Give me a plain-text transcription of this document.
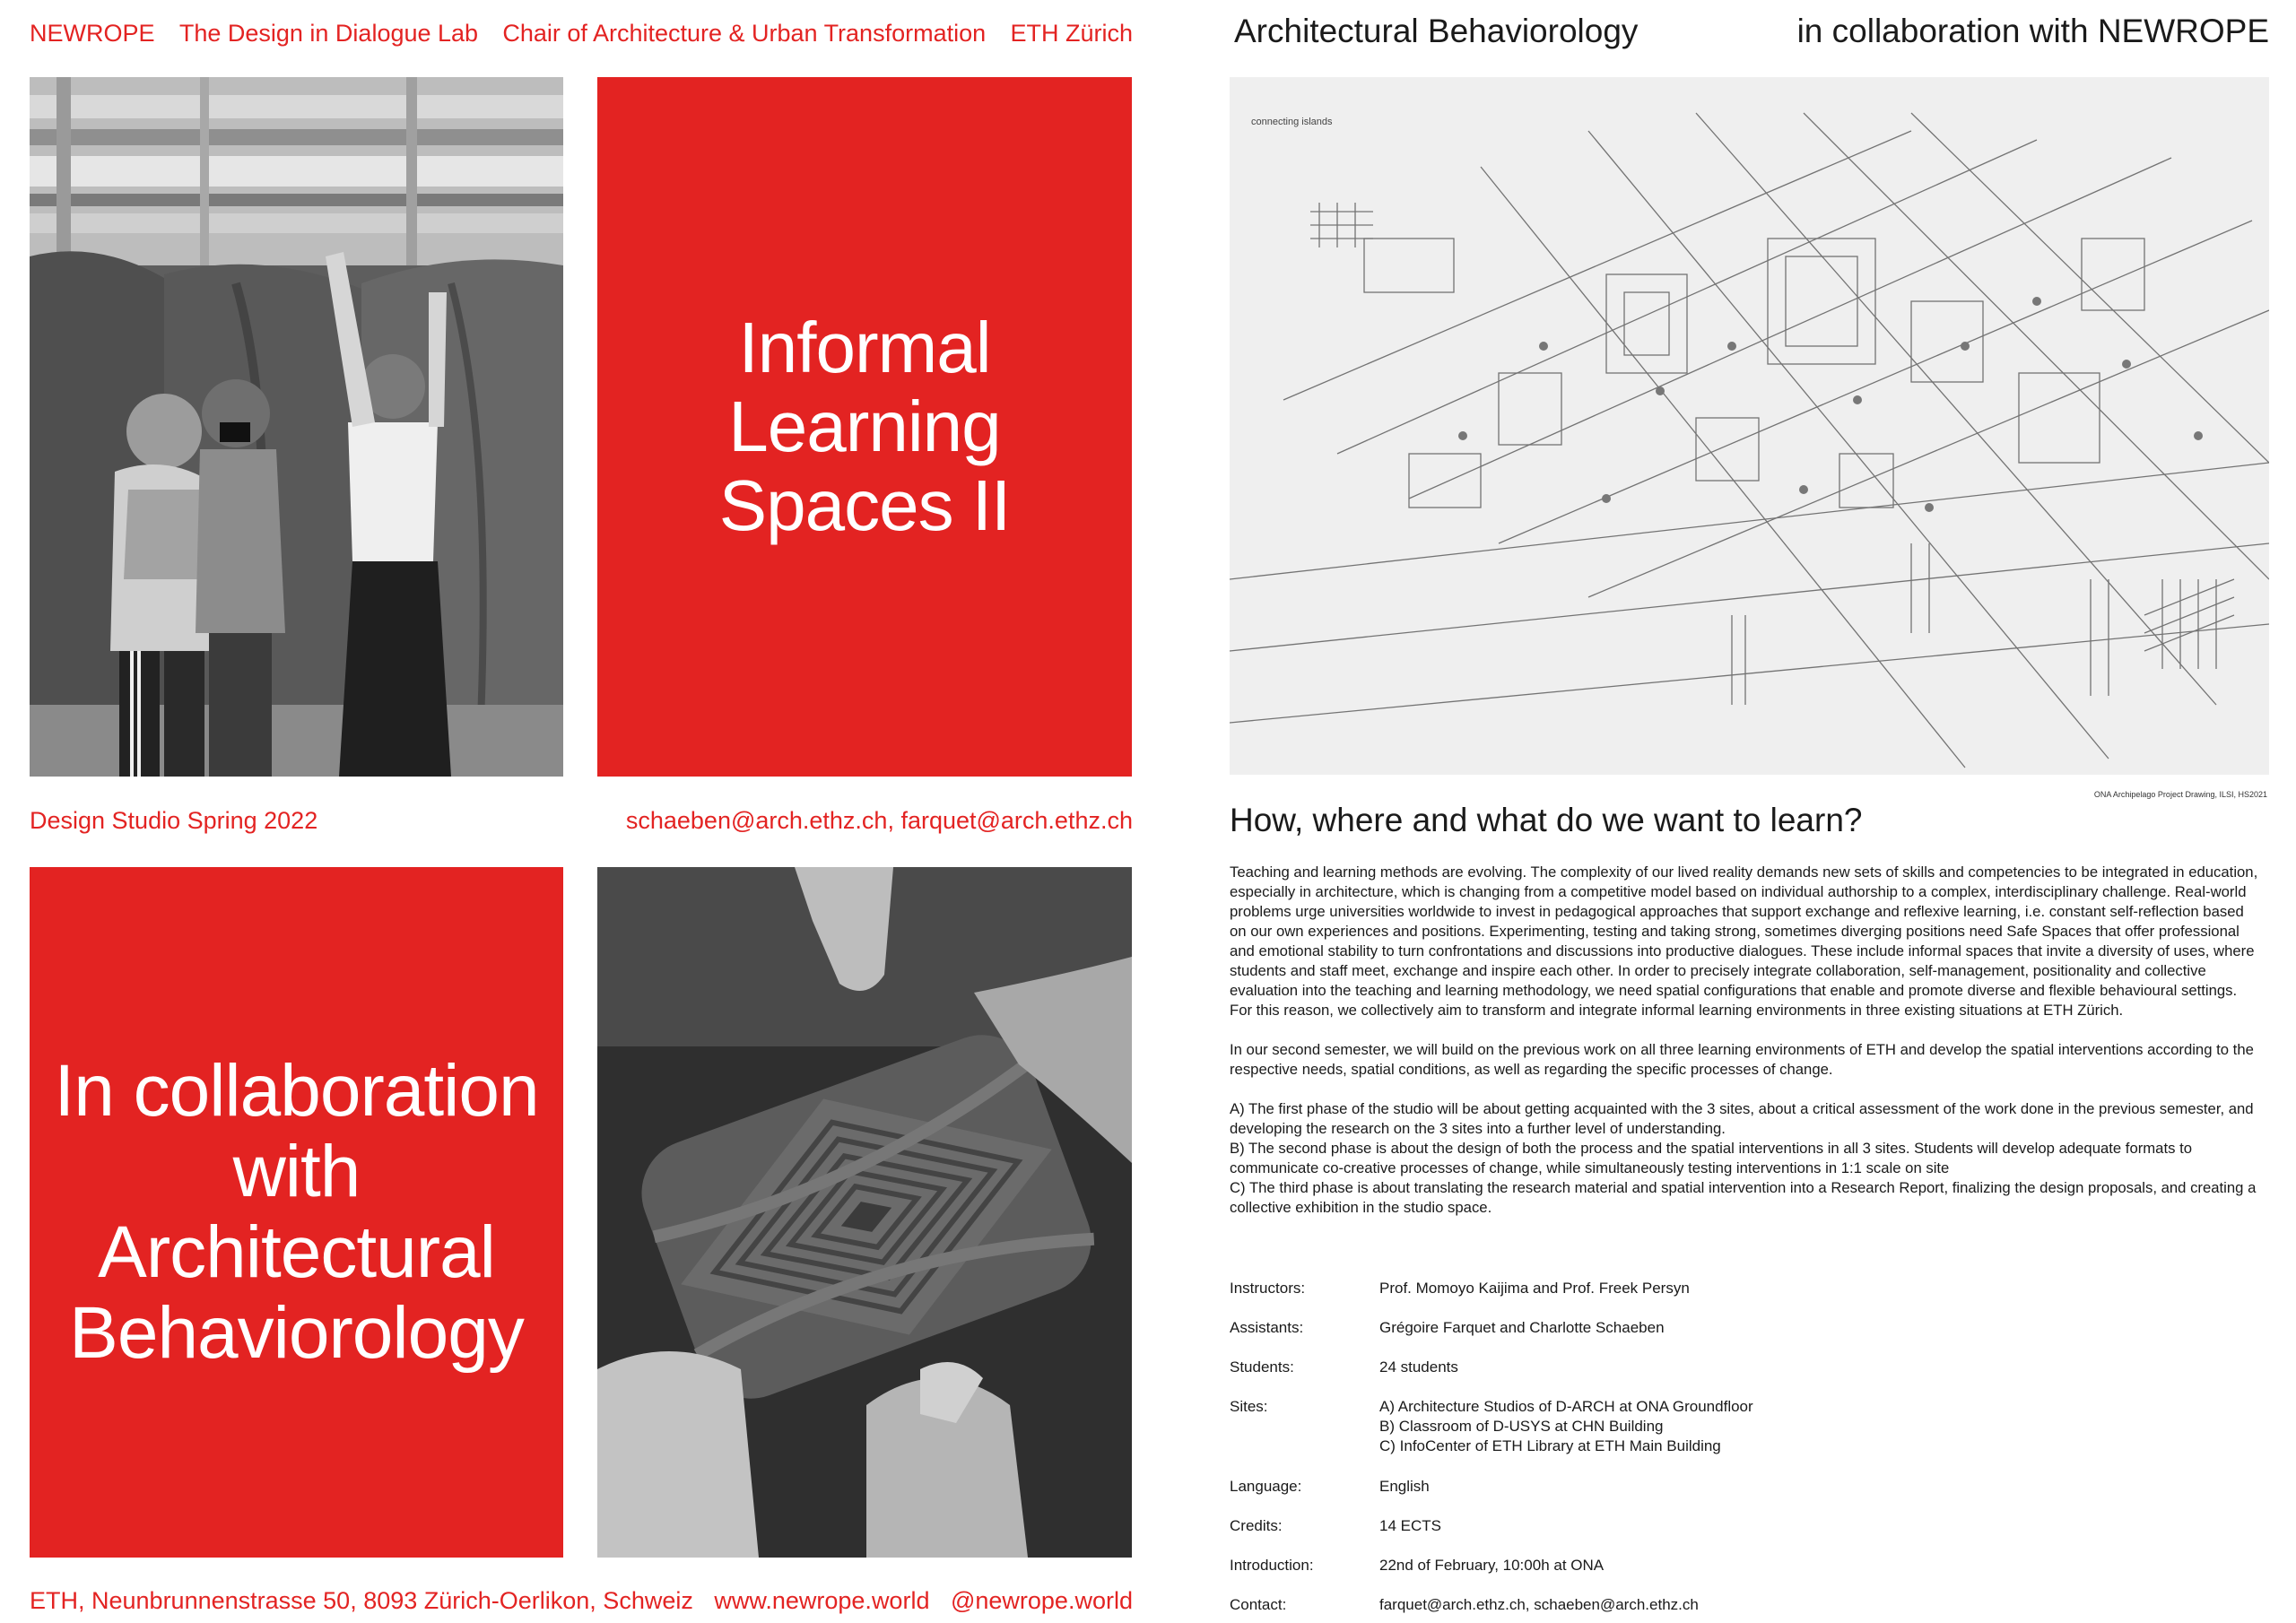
NEWROPE The Design in Dialogue Lab Chair of Architecture & Urban Transformation ETH Zürich
Informal
Learning
Spaces II
Design Studio Spring 2022	schaeben@arch.ethz.ch, farquet@arch.ethz.ch
In collaboration
with
Architectural
Behaviorology
ETH, Neunbrunnenstrasse 50, 8093 Zürich-Oerlikon, Schweiz www.newrope.world @newrope.world
Architectural Behaviorology	in collaboration with NEWROPE
connecting islands
ONA Archipelago Project Drawing, ILSI, HS2021
How, where and what do we want to learn?

Teaching and learning methods are evolving. The complexity of our lived reality demands new sets of skills and competencies to be integrated in education, especially in architecture, which is changing from a competitive model based on individual authorship to a complex, interdisciplinary challenge. Real-world problems urge universities worldwide to invest in pedagogical approaches that support exchange and reflexive learning, i.e. constant self-reflection based on our own experiences and positions. Experimenting, testing and taking strong, sometimes diverging positions need Safe Spaces that offer professional and emotional stability to turn confrontations and discussions into productive dialogues. These include informal spaces that invite a diversity of uses, where students and staff meet, exchange and inspire each other. In order to precisely integrate collaboration, self-management, positionality and collective evaluation into the teaching and learning methodology, we need spatial configurations that enable and promote diverse and flexible behavioural settings. For this reason, we collectively aim to transform and integrate informal learning environments in three existing situations at ETH Zürich.

In our second semester, we will build on the previous work on all three learning environments of ETH and develop the spatial interventions according to the respective needs, spatial conditions, as well as regarding the specific processes of change.

A) The first phase of the studio will be about getting acquainted with the 3 sites, about a critical assessment of the work done in the previous semester, and developing the research on the 3 sites into a further level of understanding.

B) The second phase is about the design of both the process and the spatial interventions in all 3 sites. Students will develop adequate formats to communicate co-creative processes of change, while simultaneously testing interventions in 1:1 scale on site

C) The third phase is about translating the research material and spatial intervention into a Research Report, finalizing the design proposals, and creating a collective exhibition in the studio space.

Instructors:	Prof. Momoyo Kaijima and Prof. Freek Persyn
Assistants:	Grégoire Farquet and Charlotte Schaeben
Students:	24 students
Sites:	A) Architecture Studios of D-ARCH at ONA Groundfloor
B) Classroom of D-USYS at CHN Building
C) InfoCenter of ETH Library at ETH Main Building
Language:	English
Credits:	14 ECTS
Introduction:	22nd of February, 10:00h at ONA
Contact:	farquet@arch.ethz.ch, schaeben@arch.ethz.ch
